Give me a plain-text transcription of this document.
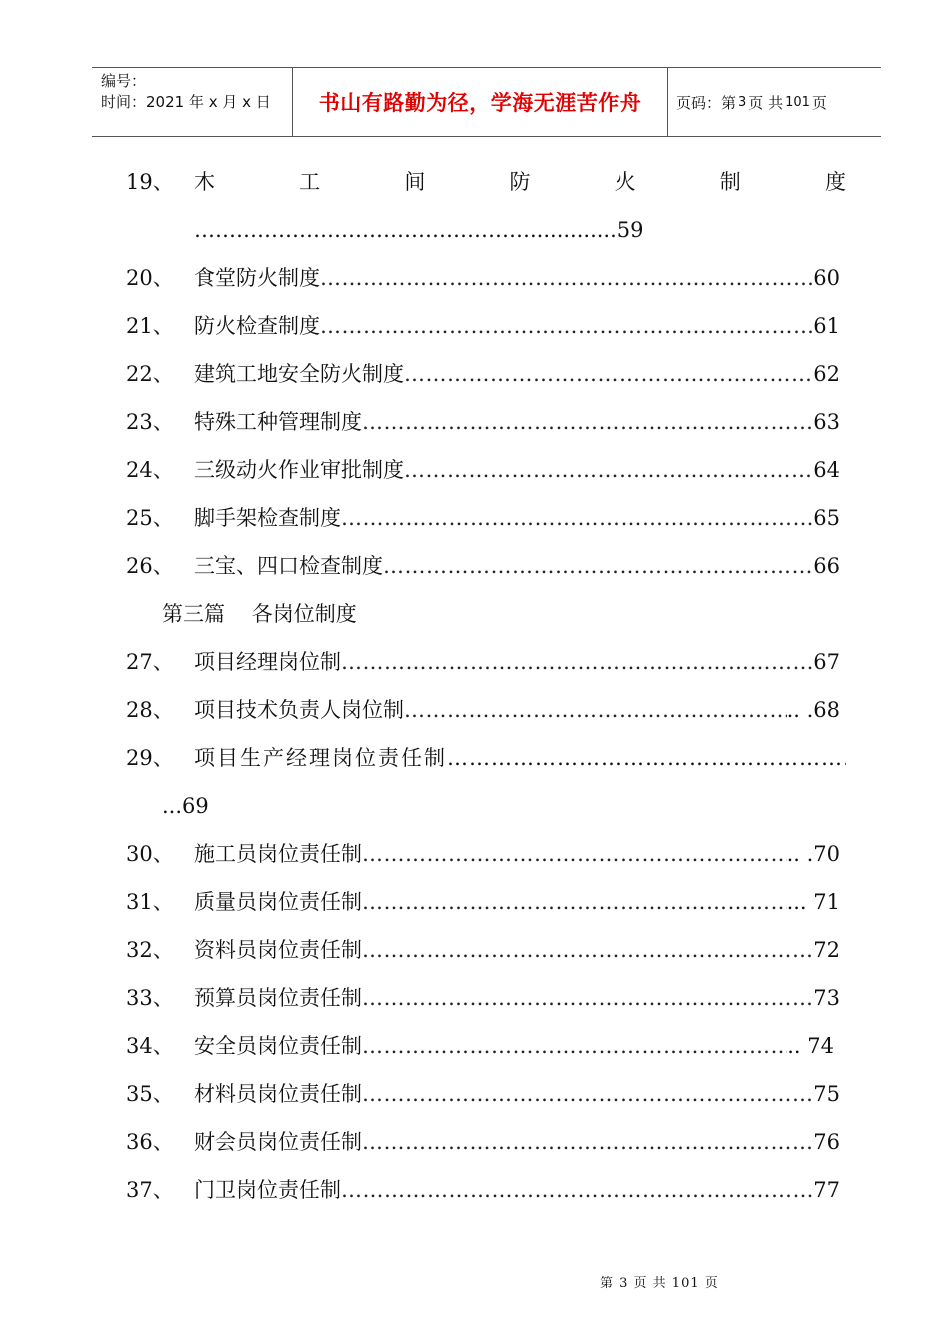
编号：
时间：2021 年 x 月 x 日	书山有路勤为径，学海无涯苦作舟	页码：第 3 页 共 101 页
19、 木	工	间	防	火	制	度
………………………………………….............59
20、 食堂防火制度 ……………………………………………………………………………………………………………………	60
21、 防火检查制度 ……………………………………………………………………………………………………………………	61
22、 建筑工地安全防火制度 ……………………………………………………………………………………………………………………	62
23、 特殊工种管理制度 ……………………………………………………………………………………………………………………	63
24、 三级动火作业审批制度 ……………………………………………………………………………………………………………………	64
25、 脚手架检查制度 ……………………………………………………………………………………………………………………	65
26、 三宝、四口检查制度 ……………………………………………………………………………………………………………………	66
第三篇    各岗位制度
27、 项目经理岗位制 ……………………………………………………………………………………………………………………	67
28、 项目技术负责人岗位制 ……………………………………………………………………………………………………………………	.. .68
29、 项目生产经理岗位责任制
……………………………………………………………………
...69
30、 施工员岗位责任制 ……………………………………………………………………………………………………………………	.. .70
31、 质量员岗位责任制 ……………………………………………………………………………………………………………………	... 71
32、 资料员岗位责任制 ……………………………………………………………………………………………………………………	72
33、 预算员岗位责任制 ……………………………………………………………………………………………………………………	73
34、 安全员岗位责任制 ……………………………………………………………………………………………………………………	.. 74
35、 材料员岗位责任制 ……………………………………………………………………………………………………………………	75
36、 财会员岗位责任制 ……………………………………………………………………………………………………………………	76
37、 门卫岗位责任制 ……………………………………………………………………………………………………………………	77
第 3 页 共 101 页
